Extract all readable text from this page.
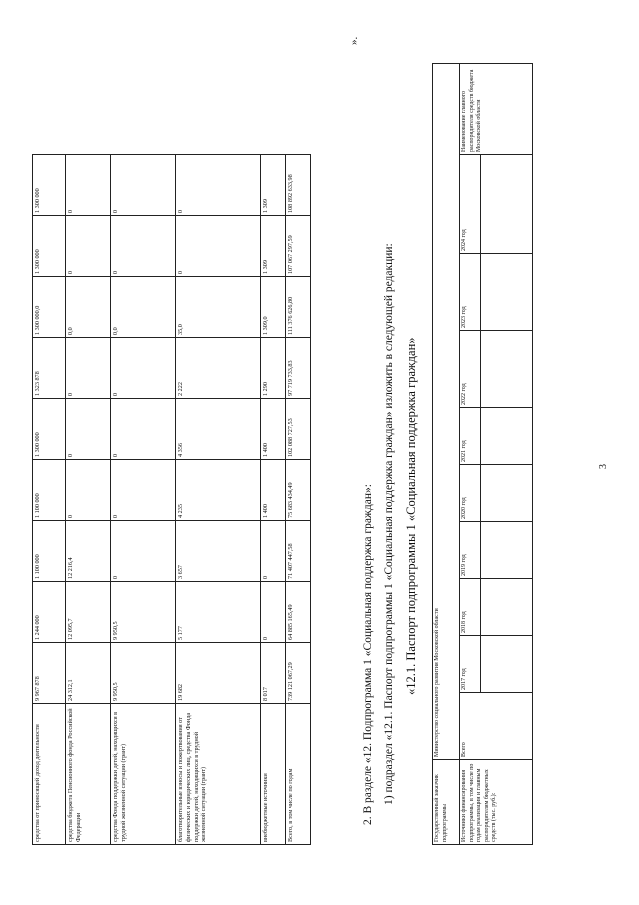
3
средства от приносящей доход деятельности	9 967 878	1 244 000	1 100 000	1 100 000	1 300 000	1 323 878	1 300 000,0	1 300 000	1 300 000
средства бюджета Пенсионного фонда Российской Федерации	24 312,1	12 095,7	12 216,4	0	0	0	0,0	0	0
средства Фонда поддержки детей, находящихся в трудной жизненной ситуации (грант)	9 950,5	9 950,5	0	0	0	0	0,0	0	0
благотворительные взносы и пожертвования от физических и юридических лиц, средства Фонда поддержки детей, находящихся в трудной жизненной ситуации (грант)	19 682	5 177	3 657	4 235	4 356	2 222	35,0	0	0
внебюджетные источники	8 017	0	0	1 400	1 400	1 290	1 309,0	1 309	1 309
Всего, в том числе по годам	739 121 067,29	64 885 165,49	71 407 447,58	75 683 434,49	102 088 727,53	97 719 733,83	111 376 626,80	107 067 297,59	108 892 633,98
».
2. В разделе «12. Подпрограмма 1 «Социальная поддержка граждан»: 1) подраздел «12.1. Паспорт подпрограммы 1 «Социальная поддержка граждан» изложить в следующей редакции: «12.1. Паспорт подпрограммы 1 «Социальная поддержка граждан»
Государственный заказчик подпрограммы	Министерство социального развития Московской области									
Источники финансирования подпрограммы, в том числе по годам реализации и главным распорядителям бюджетных средств (тыс. руб.):	Всего	2017 год	2018 год	2019 год	2020 год	2021 год	2022 год	2023 год	2024 год	Наименование главного распорядителя средств бюджета Московской области
